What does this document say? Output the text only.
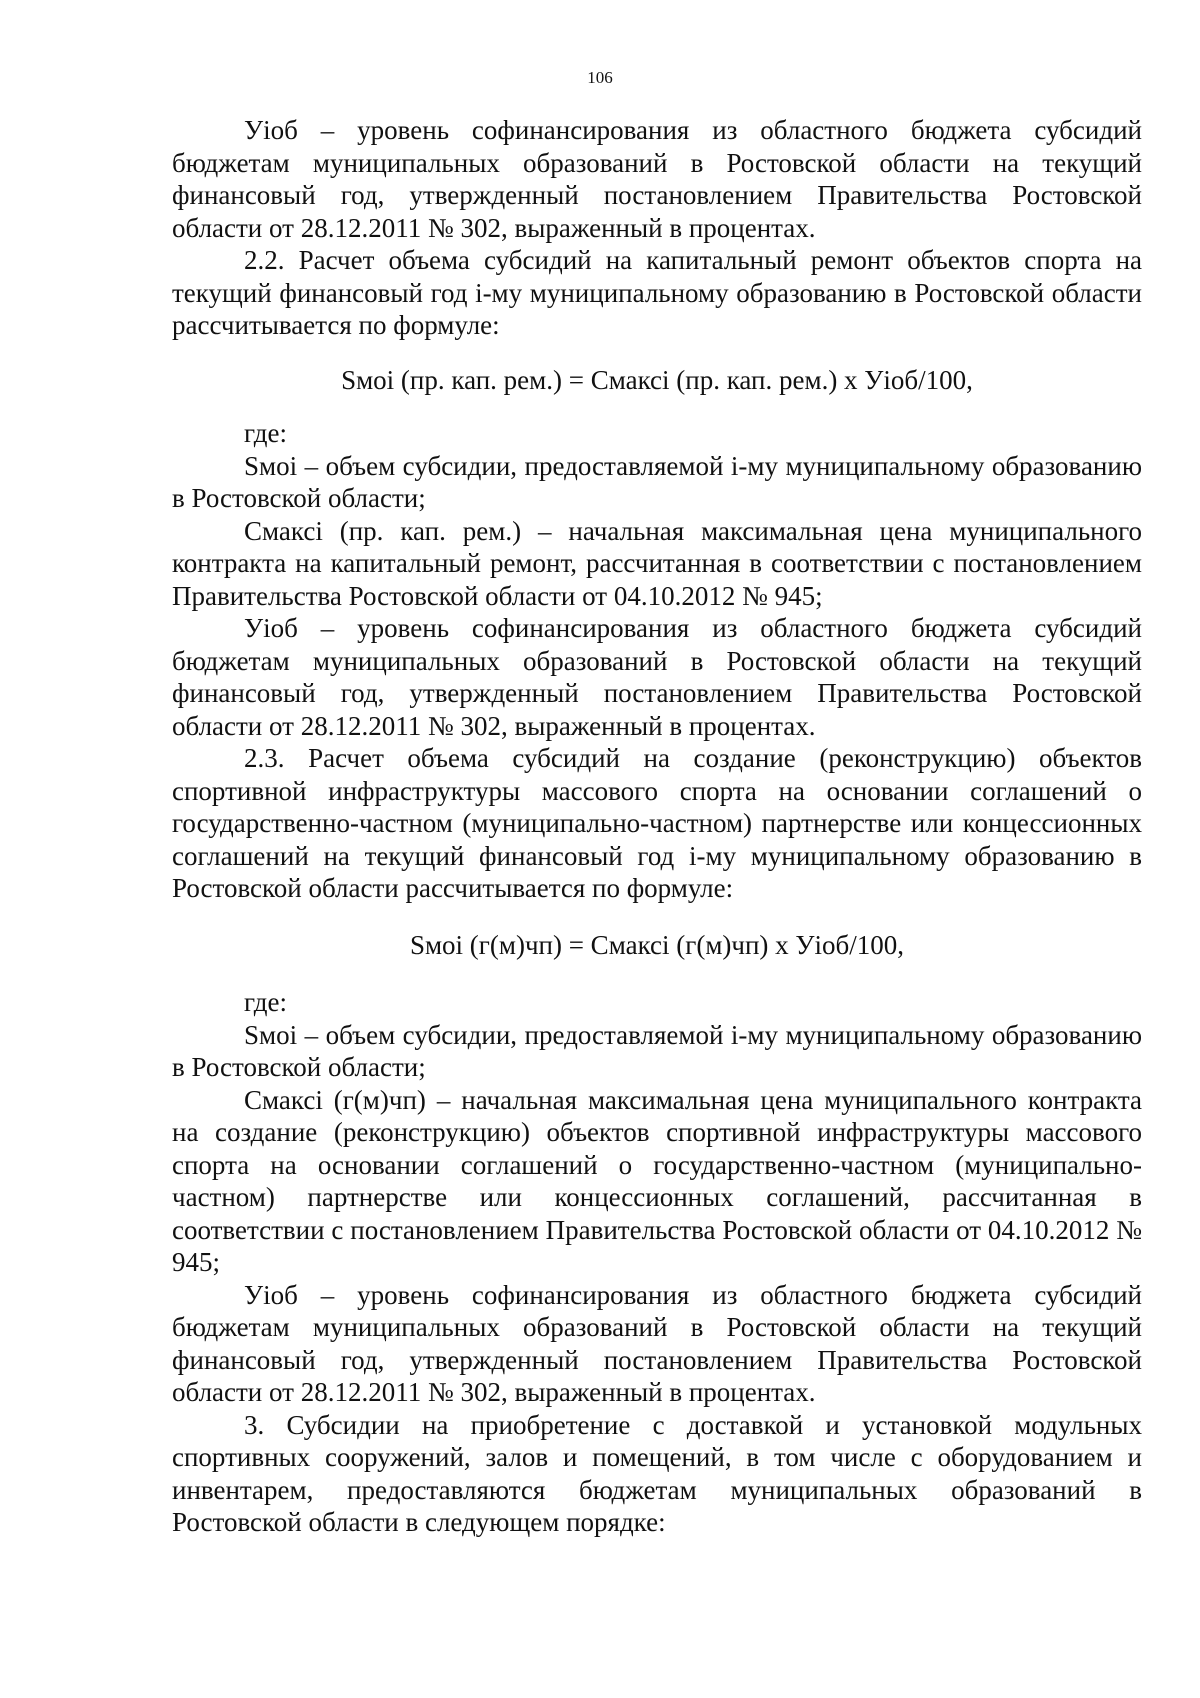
106

Уiоб – уровень софинансирования из областного бюджета субсидий бюджетам муниципальных образований в Ростовской области на текущий финансовый год, утвержденный постановлением Правительства Ростовской области от 28.12.2011 № 302, выраженный в процентах.

2.2. Расчет объема субсидий на капитальный ремонт объектов спорта на текущий финансовый год i-му муниципальному образованию в Ростовской области рассчитывается по формуле:

Sмоi (пр. кап. рем.) = Смаксi (пр. кап. рем.) х Уiоб/100,

где:

Sмоi – объем субсидии, предоставляемой i-му муниципальному образованию в Ростовской области;

Смаксi (пр. кап. рем.) – начальная максимальная цена муниципального контракта на капитальный ремонт, рассчитанная в соответствии с постановлением Правительства Ростовской области от 04.10.2012 № 945;

Уiоб – уровень софинансирования из областного бюджета субсидий бюджетам муниципальных образований в Ростовской области на текущий финансовый год, утвержденный постановлением Правительства Ростовской области от 28.12.2011 № 302, выраженный в процентах.

2.3. Расчет объема субсидий на создание (реконструкцию) объектов спортивной инфраструктуры массового спорта на основании соглашений о государственно-частном (муниципально-частном) партнерстве или концессионных соглашений на текущий финансовый год i-му муниципальному образованию в Ростовской области рассчитывается по формуле:

Sмоi (г(м)чп) = Смаксi (г(м)чп) х Уiоб/100,

где:

Sмоi – объем субсидии, предоставляемой i-му муниципальному образованию в Ростовской области;

Смаксi (г(м)чп) – начальная максимальная цена муниципального контракта на создание (реконструкцию) объектов спортивной инфраструктуры массового спорта на основании соглашений о государственно-частном (муниципально-частном) партнерстве или концессионных соглашений, рассчитанная в соответствии с постановлением Правительства Ростовской области от 04.10.2012 № 945;

Уiоб – уровень софинансирования из областного бюджета субсидий бюджетам муниципальных образований в Ростовской области на текущий финансовый год, утвержденный постановлением Правительства Ростовской области от 28.12.2011 № 302, выраженный в процентах.

3. Субсидии на приобретение с доставкой и установкой модульных спортивных сооружений, залов и помещений, в том числе с оборудованием и инвентарем, предоставляются бюджетам муниципальных образований в Ростовской области в следующем порядке:
